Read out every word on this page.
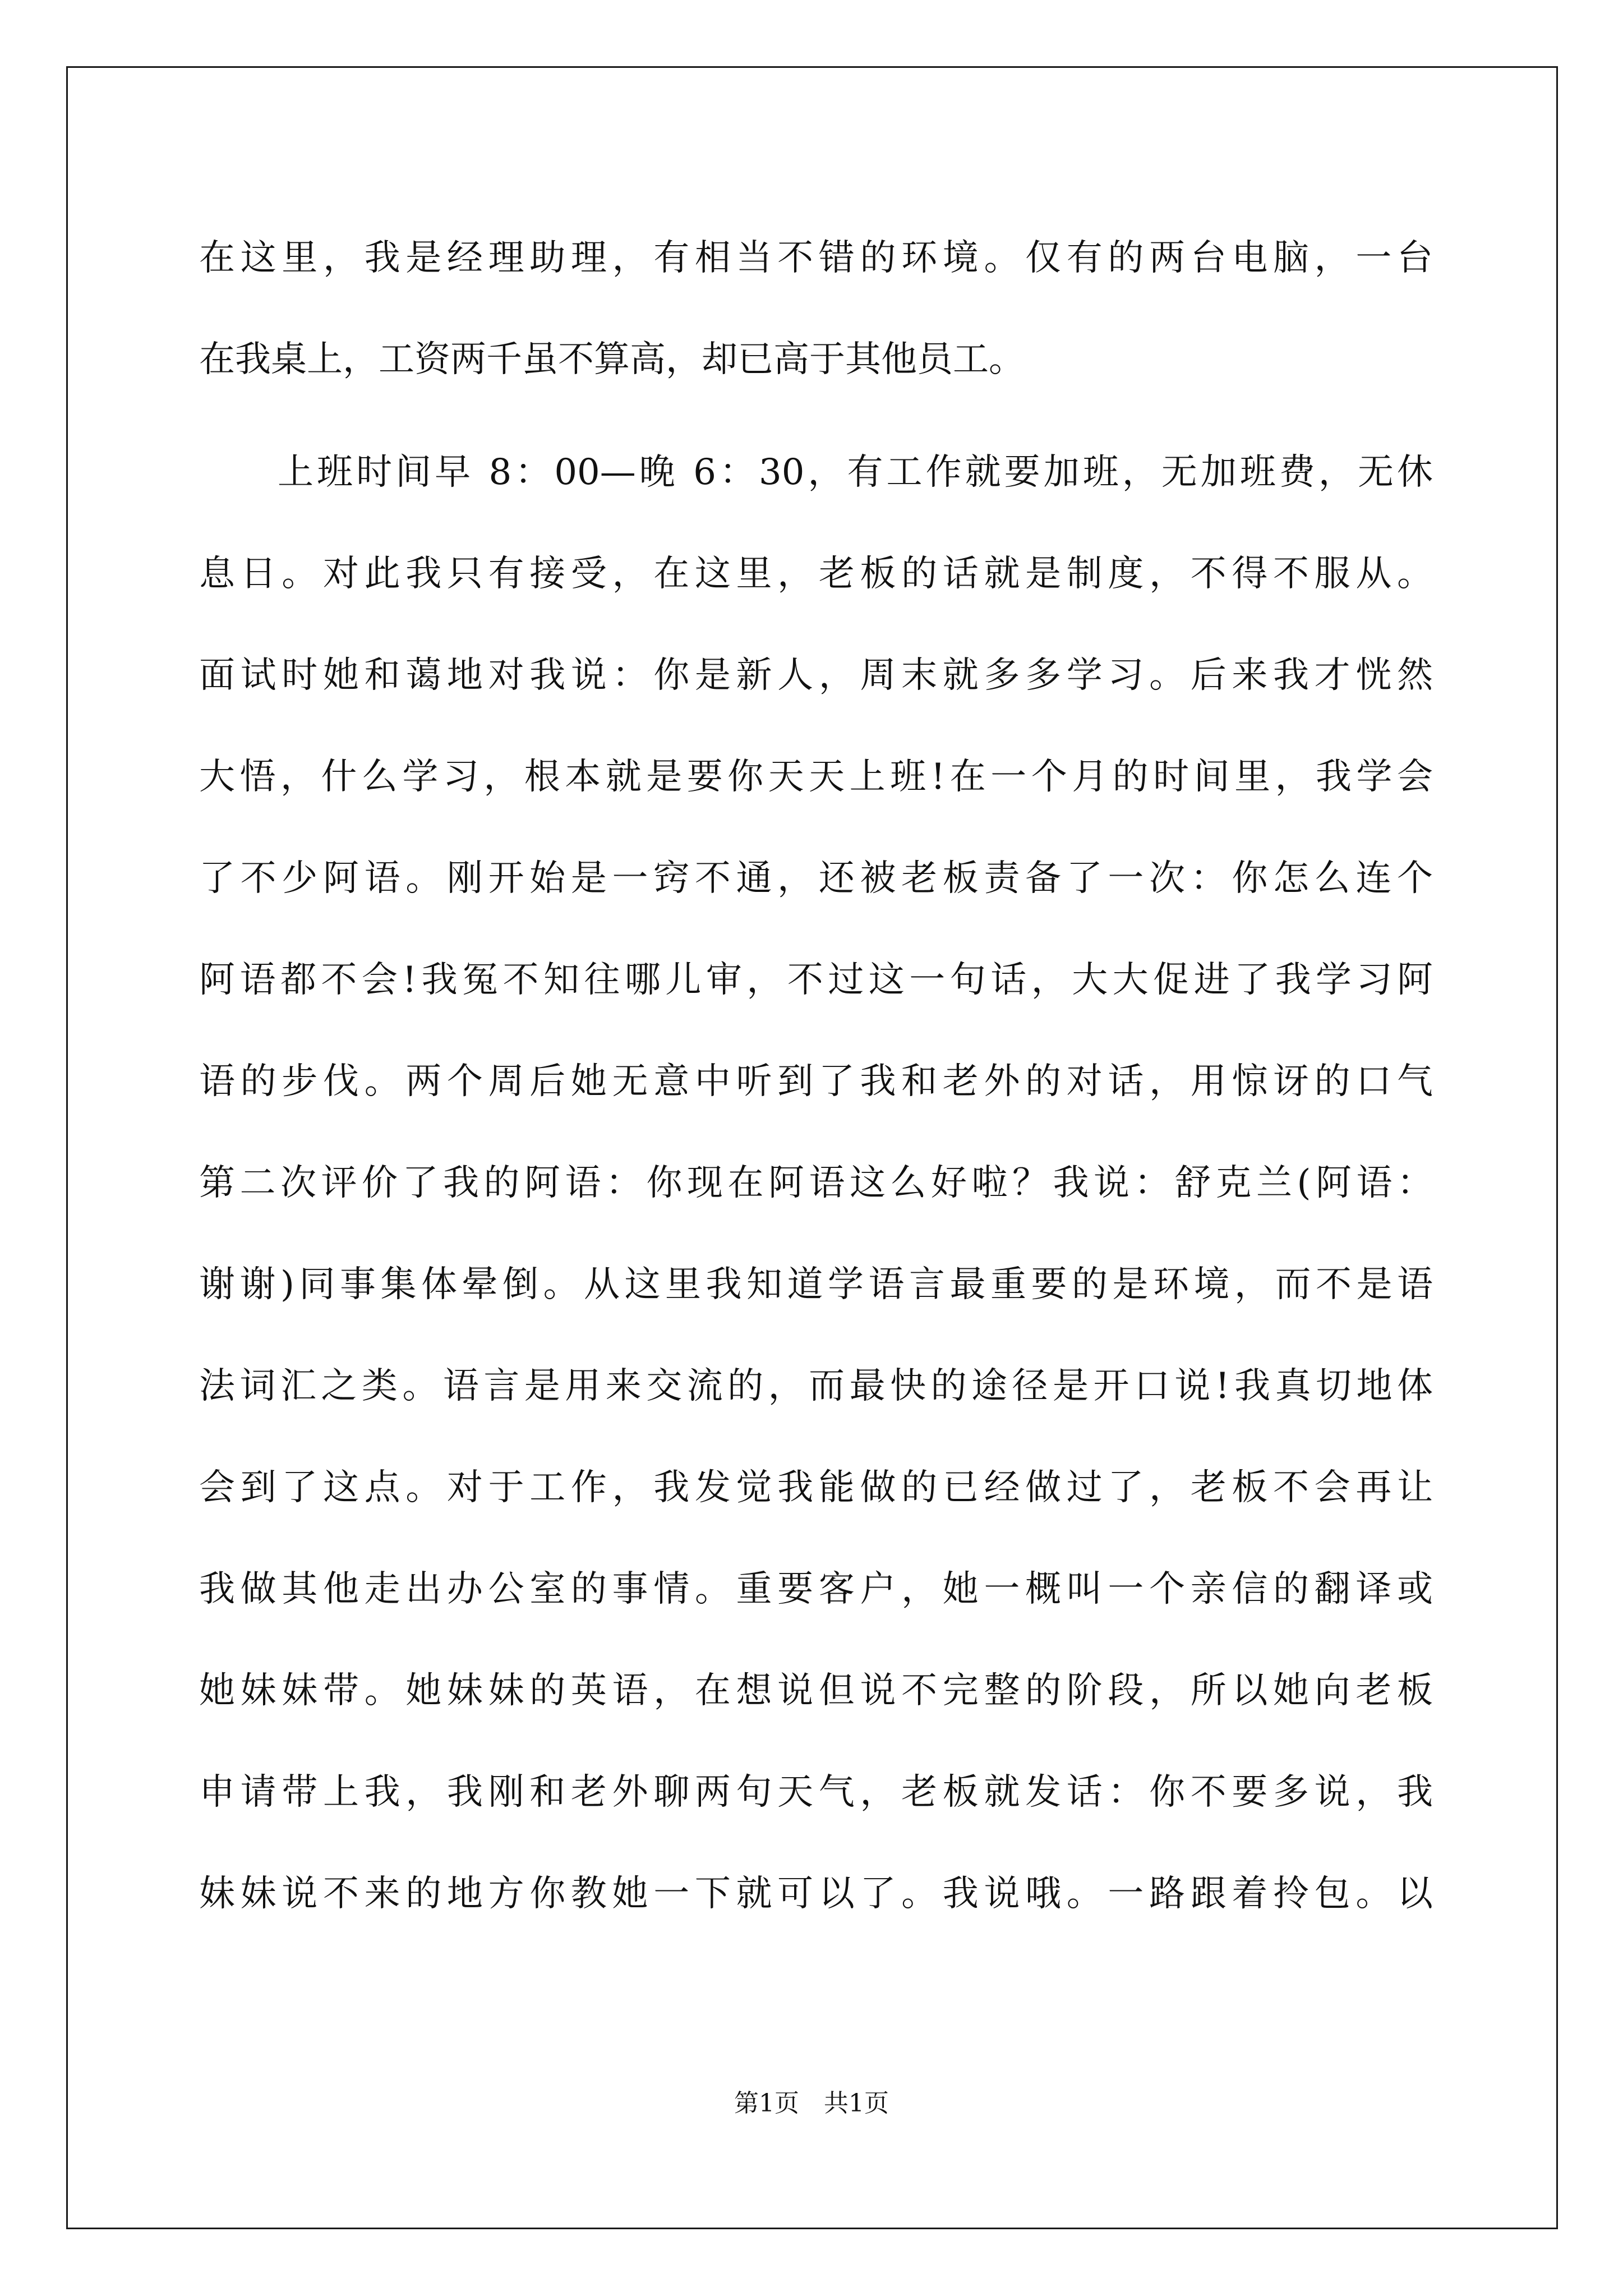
在这里，我是经理助理，有相当不错的环境。仅有的两台电脑，一台
在我桌上，工资两千虽不算高，却已高于其他员工。
上班时间早 8：00—晚 6：30，有工作就要加班，无加班费，无休
息日。对此我只有接受，在这里，老板的话就是制度，不得不服从。
面试时她和蔼地对我说：你是新人，周末就多多学习。后来我才恍然
大悟，什么学习，根本就是要你天天上班!在一个月的时间里，我学会
了不少阿语。刚开始是一窍不通，还被老板责备了一次：你怎么连个
阿语都不会!我冤不知往哪儿审，不过这一句话，大大促进了我学习阿
语的步伐。两个周后她无意中听到了我和老外的对话，用惊讶的口气
第二次评价了我的阿语：你现在阿语这么好啦？我说：舒克兰(阿语：
谢谢)同事集体晕倒。从这里我知道学语言最重要的是环境，而不是语
法词汇之类。语言是用来交流的，而最快的途径是开口说!我真切地体
会到了这点。对于工作，我发觉我能做的已经做过了，老板不会再让
我做其他走出办公室的事情。重要客户，她一概叫一个亲信的翻译或
她妹妹带。她妹妹的英语，在想说但说不完整的阶段，所以她向老板
申请带上我，我刚和老外聊两句天气，老板就发话：你不要多说，我
妹妹说不来的地方你教她一下就可以了。我说哦。一路跟着拎包。以
第1页　共1页
